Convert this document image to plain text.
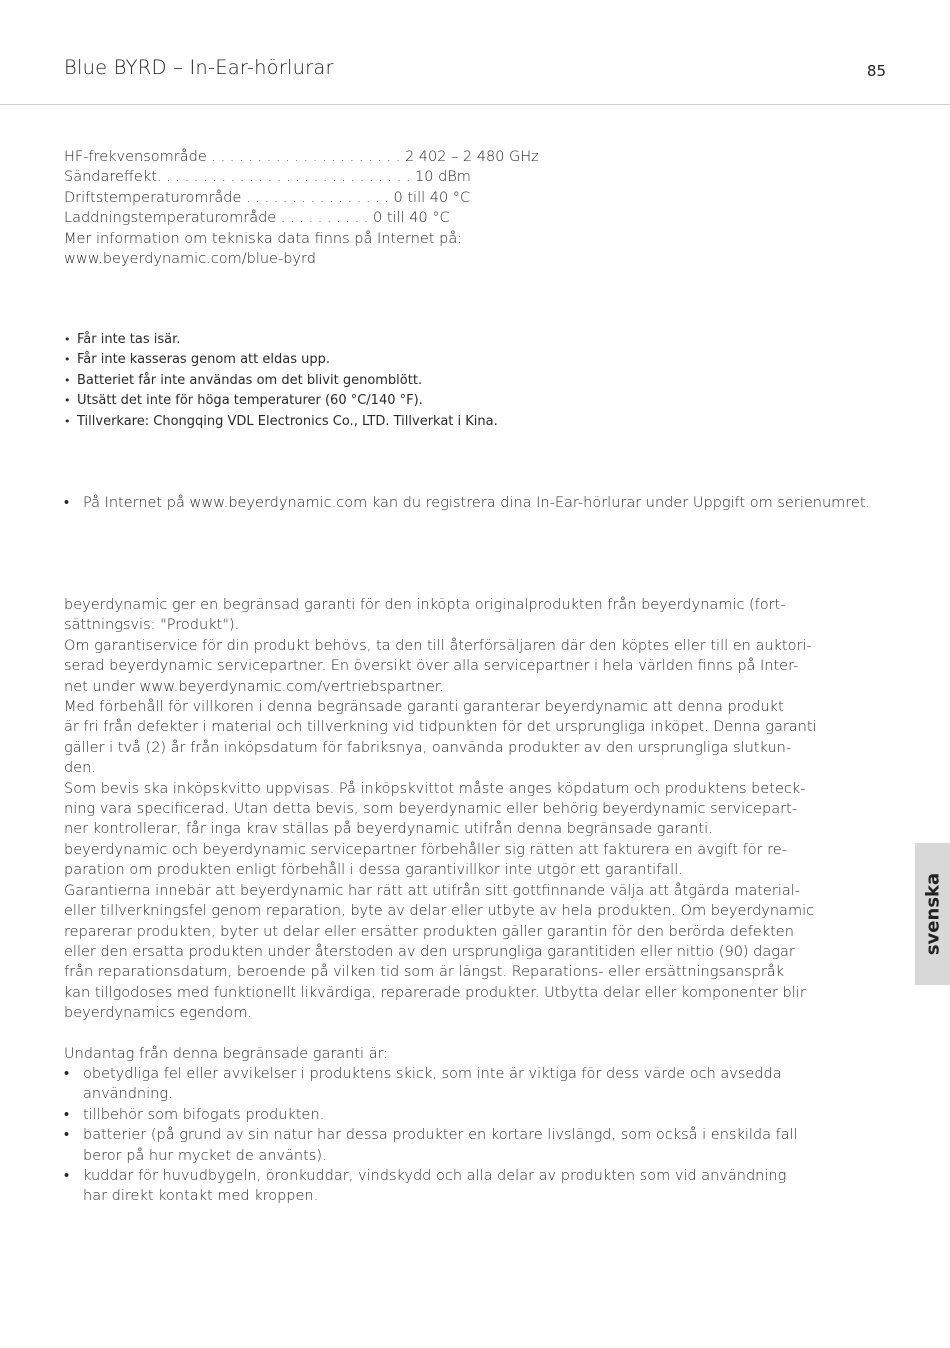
Blue BYRD – In-Ear-hörlurar	85
HF-frekvensområde . . . . . . . . . . . . . . . . . . . . . 2 402 – 2 480 GHz
Sändareffekt. . . . . . . . . . . . . . . . . . . . . . . . . . . . 10 dBm
Driftstemperaturområde . . . . . . . . . . . . . . . . 0 till 40 °C
Laddningstemperaturområde . . . . . . . . . . 0 till 40 °C
Mer information om tekniska data finns på Internet på:
www.beyerdynamic.com/blue-byrd
• Får inte tas isär.
• Får inte kasseras genom att eldas upp.
• Batteriet får inte användas om det blivit genomblött.
• Utsätt det inte för höga temperaturer (60 °C/140 °F).
• Tillverkare: Chongqing VDL Electronics Co., LTD. Tillverkat i Kina.
• På Internet på www.beyerdynamic.com kan du registrera dina In-Ear-hörlurar under Uppgift om serienumret.
beyerdynamic ger en begränsad garanti för den inköpta originalprodukten från beyerdynamic (fort-
sättningsvis: "Produkt").
Om garantiservice för din produkt behövs, ta den till återförsäljaren där den köptes eller till en auktori-
serad beyerdynamic servicepartner. En översikt över alla servicepartner i hela världen finns på Inter-
net under www.beyerdynamic.com/vertriebspartner.
Med förbehåll för villkoren i denna begränsade garanti garanterar beyerdynamic att denna produkt
är fri från defekter i material och tillverkning vid tidpunkten för det ursprungliga inköpet. Denna garanti
gäller i två (2) år från inköpsdatum för fabriksnya, oanvända produkter av den ursprungliga slutkun-
den.
Som bevis ska inköpskvitto uppvisas. På inköpskvittot måste anges köpdatum och produktens beteck-
ning vara specificerad. Utan detta bevis, som beyerdynamic eller behörig beyerdynamic servicepart-
ner kontrollerar, får inga krav ställas på beyerdynamic utifrån denna begränsade garanti.
beyerdynamic och beyerdynamic servicepartner förbehåller sig rätten att fakturera en avgift för re-
paration om produkten enligt förbehåll i dessa garantivillkor inte utgör ett garantifall.
Garantierna innebär att beyerdynamic har rätt att utifrån sitt gottfinnande välja att åtgärda material-
eller tillverkningsfel genom reparation, byte av delar eller utbyte av hela produkten. Om beyerdynamic
reparerar produkten, byter ut delar eller ersätter produkten gäller garantin för den berörda defekten
eller den ersatta produkten under återstoden av den ursprungliga garantitiden eller nittio (90) dagar
från reparationsdatum, beroende på vilken tid som är längst. Reparations- eller ersättningsanspråk
kan tillgodoses med funktionellt likvärdiga, reparerade produkter. Utbytta delar eller komponenter blir
beyerdynamics egendom.
Undantag från denna begränsade garanti är:
• obetydliga fel eller avvikelser i produktens skick, som inte är viktiga för dess värde och avsedda
användning.
• tillbehör som bifogats produkten.
• batterier (på grund av sin natur har dessa produkter en kortare livslängd, som också i enskilda fall
beror på hur mycket de använts).
• kuddar för huvudbygeln, öronkuddar, vindskydd och alla delar av produkten som vid användning
har direkt kontakt med kroppen.
svenska
